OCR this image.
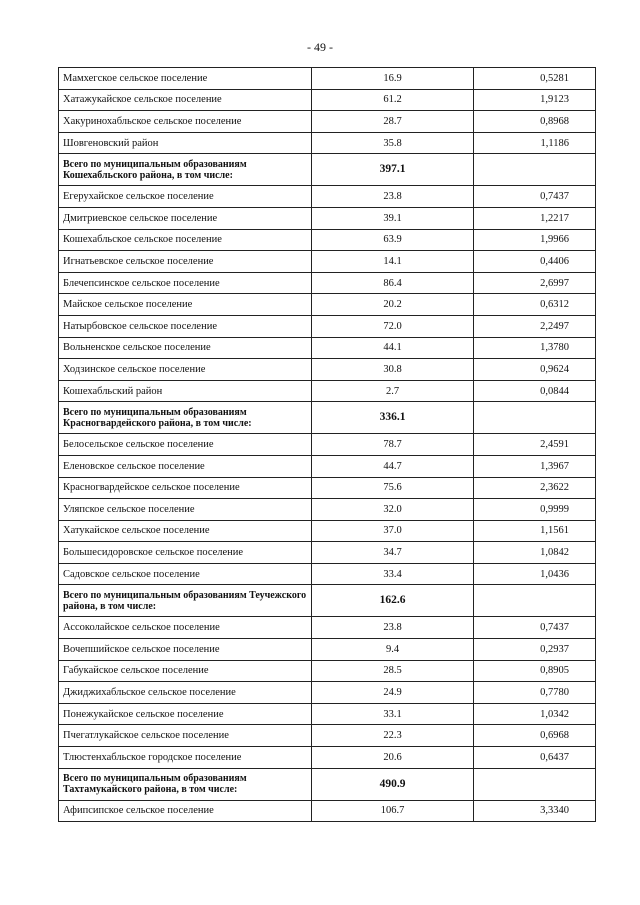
- 49 -
Мамхегское сельское поселение	16.9	0,5281
Хатажукайское сельское поселение	61.2	1,9123
Хакуринохабльское сельское поселение	28.7	0,8968
Шовгеновский район	35.8	1,1186
Всего по муниципальным образованиям Кошехабльского района, в том числе:	397.1	
Егерухайское сельское поселение	23.8	0,7437
Дмитриевское сельское поселение	39.1	1,2217
Кошехабльское сельское поселение	63.9	1,9966
Игнатьевское сельское поселение	14.1	0,4406
Блечепсинское сельское поселение	86.4	2,6997
Майское сельское поселение	20.2	0,6312
Натырбовское сельское поселение	72.0	2,2497
Вольненское сельское поселение	44.1	1,3780
Ходзинское сельское поселение	30.8	0,9624
Кошехабльский район	2.7	0,0844
Всего по муниципальным образованиям Красногвардейского района, в том числе:	336.1	
Белосельское сельское поселение	78.7	2,4591
Еленовское сельское поселение	44.7	1,3967
Красногвардейское сельское поселение	75.6	2,3622
Уляпское сельское поселение	32.0	0,9999
Хатукайское сельское поселение	37.0	1,1561
Большесидоровское сельское поселение	34.7	1,0842
Садовское сельское поселение	33.4	1,0436
Всего по муниципальным образованиям Теучежского района, в том числе:	162.6	
Ассоколайское сельское поселение	23.8	0,7437
Вочепшийское сельское поселение	9.4	0,2937
Габукайское сельское поселение	28.5	0,8905
Джиджихабльское сельское поселение	24.9	0,7780
Понежукайское сельское поселение	33.1	1,0342
Пчегатлукайское сельское поселение	22.3	0,6968
Тлюстенхабльское городское поселение	20.6	0,6437
Всего по муниципальным образованиям Тахтамукайского района, в том числе:	490.9	
Афипсипское сельское поселение	106.7	3,3340
